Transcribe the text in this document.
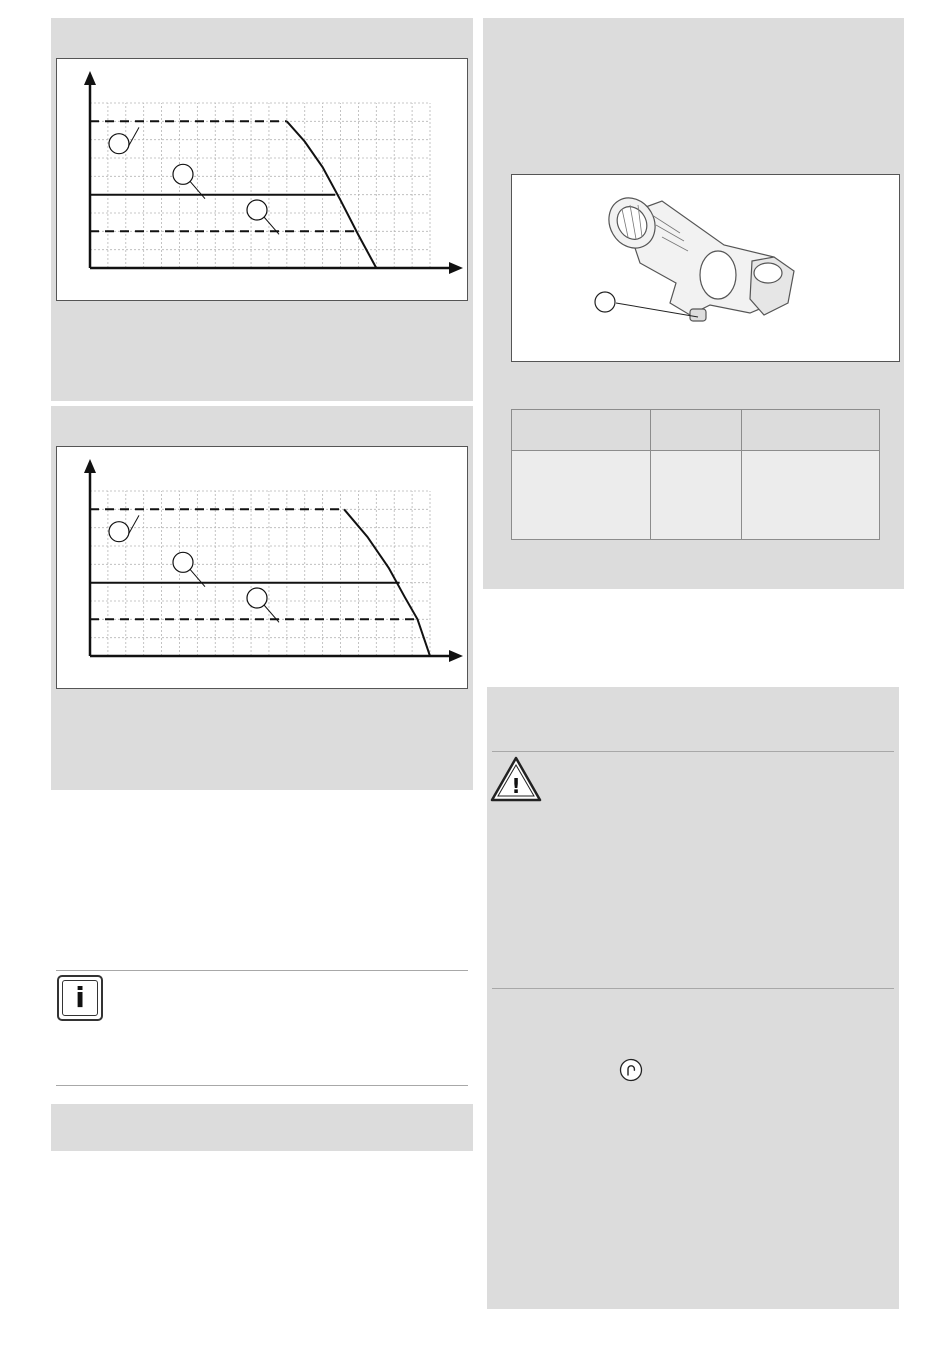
i

!
